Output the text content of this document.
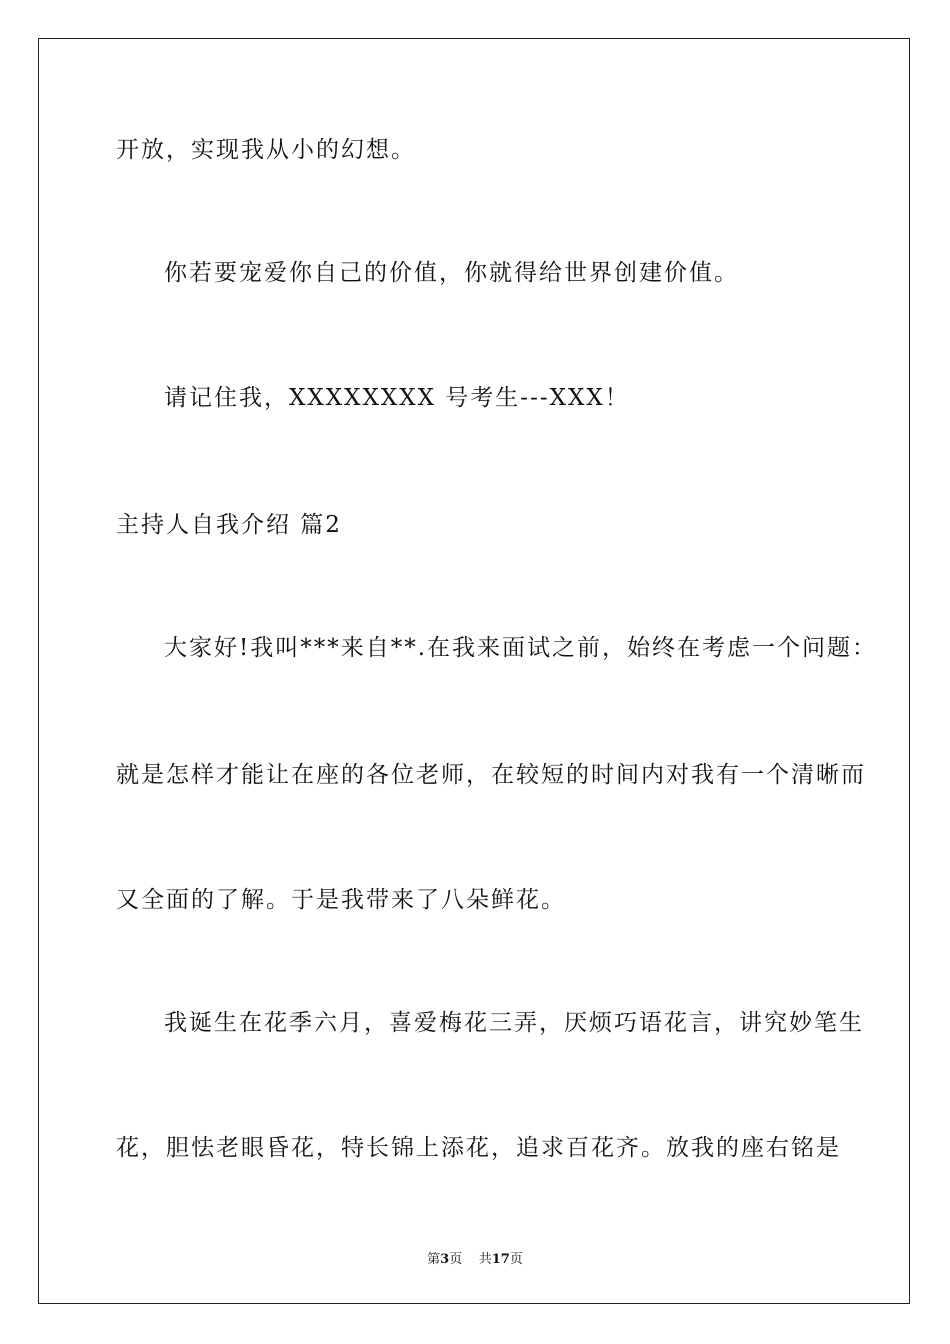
开放，实现我从小的幻想。
你若要宠爱你自己的价值，你就得给世界创建价值。
请记住我，XXXXXXXX 号考生---XXX！
主持人自我介绍 篇2
大家好!我叫***来自**.在我来面试之前，始终在考虑一个问题：
就是怎样才能让在座的各位老师，在较短的时间内对我有一个清晰而
又全面的了解。于是我带来了八朵鲜花。
我诞生在花季六月，喜爱梅花三弄，厌烦巧语花言，讲究妙笔生
花，胆怯老眼昏花，特长锦上添花，追求百花齐。放我的座右铭是
第3页 共17页
